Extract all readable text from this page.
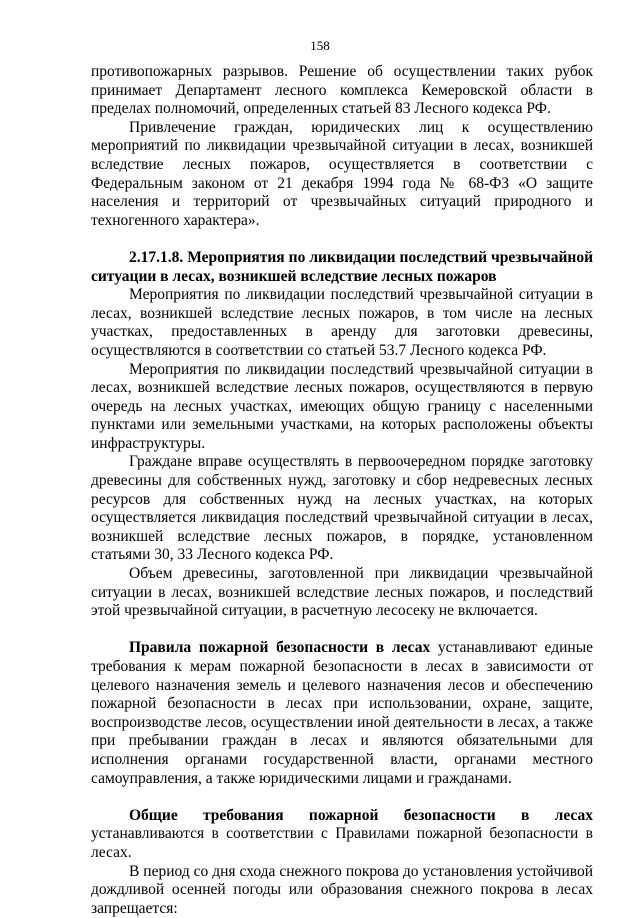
158

противопожарных разрывов. Решение об осуществлении таких рубок принимает Департамент лесного комплекса Кемеровской области в пределах полномочий, определенных статьей 83 Лесного кодекса РФ.

Привлечение граждан, юридических лиц к осуществлению мероприятий по ликвидации чрезвычайной ситуации в лесах, возникшей вследствие лесных пожаров, осуществляется в соответствии с Федеральным законом от 21 декабря 1994 года № 68-ФЗ «О защите населения и территорий от чрезвычайных ситуаций природного и техногенного характера».

2.17.1.8. Мероприятия по ликвидации последствий чрезвычайной ситуации в лесах, возникшей вследствие лесных пожаров

Мероприятия по ликвидации последствий чрезвычайной ситуации в лесах, возникшей вследствие лесных пожаров, в том числе на лесных участках, предоставленных в аренду для заготовки древесины, осуществляются в соответствии со статьей 53.7 Лесного кодекса РФ.

Мероприятия по ликвидации последствий чрезвычайной ситуации в лесах, возникшей вследствие лесных пожаров, осуществляются в первую очередь на лесных участках, имеющих общую границу с населенными пунктами или земельными участками, на которых расположены объекты инфраструктуры.

Граждане вправе осуществлять в первоочередном порядке заготовку древесины для собственных нужд, заготовку и сбор недревесных лесных ресурсов для собственных нужд на лесных участках, на которых осуществляется ликвидация последствий чрезвычайной ситуации в лесах, возникшей вследствие лесных пожаров, в порядке, установленном статьями 30, 33 Лесного кодекса РФ.

Объем древесины, заготовленной при ликвидации чрезвычайной ситуации в лесах, возникшей вследствие лесных пожаров, и последствий этой чрезвычайной ситуации, в расчетную лесосеку не включается.

Правила пожарной безопасности в лесах устанавливают единые требования к мерам пожарной безопасности в лесах в зависимости от целевого назначения земель и целевого назначения лесов и обеспечению пожарной безопасности в лесах при использовании, охране, защите, воспроизводстве лесов, осуществлении иной деятельности в лесах, а также при пребывании граждан в лесах и являются обязательными для исполнения органами государственной власти, органами местного самоуправления, а также юридическими лицами и гражданами.

Общие требования пожарной безопасности в лесах устанавливаются в соответствии с Правилами пожарной безопасности в лесах.

В период со дня схода снежного покрова до установления устойчивой дождливой осенней погоды или образования снежного покрова в лесах запрещается:
